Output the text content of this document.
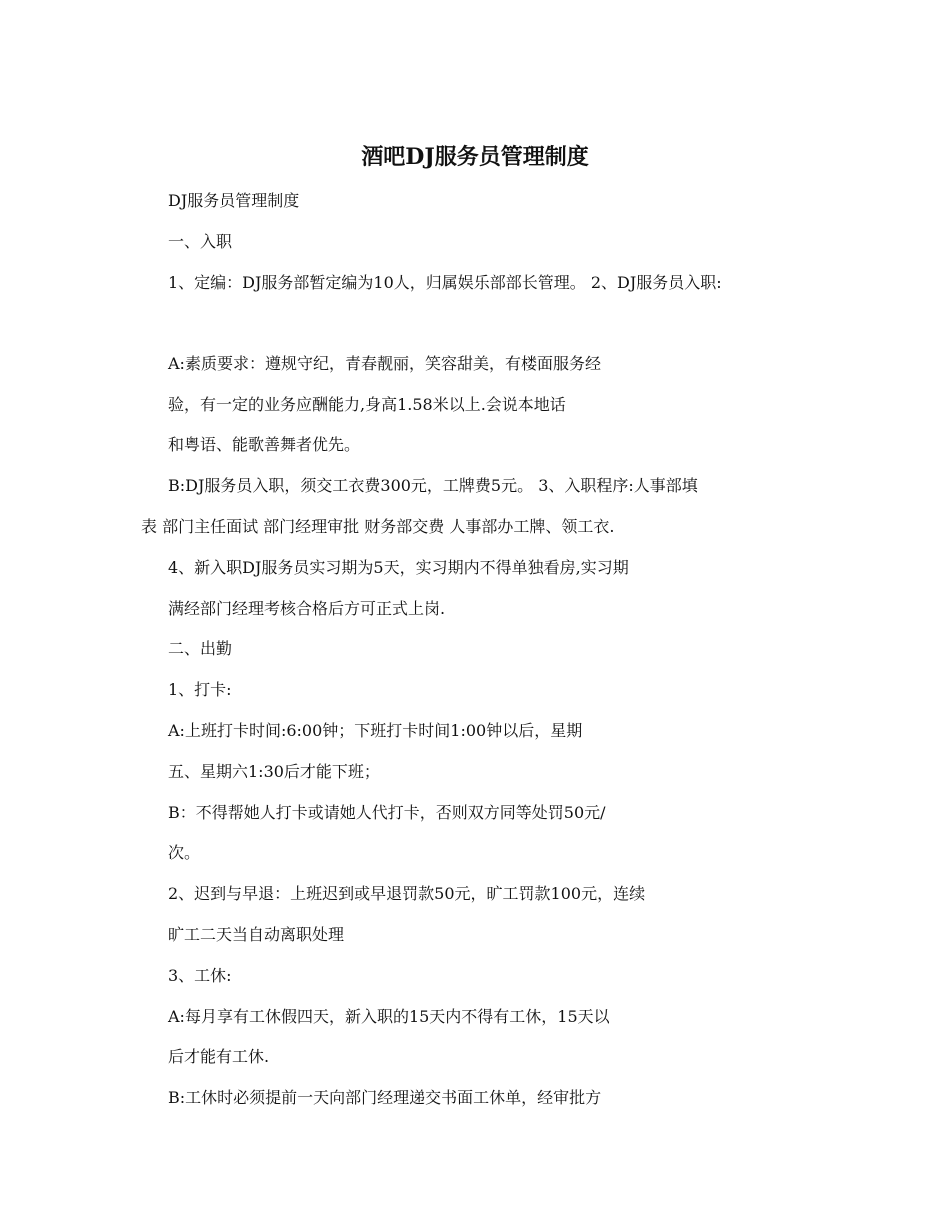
酒吧DJ服务员管理制度
DJ服务员管理制度
一、入职
1、定编：DJ服务部暂定编为10人，归属娱乐部部长管理。 2、DJ服务员入职:
A:素质要求：遵规守纪，青春靓丽，笑容甜美，有楼面服务经
验，有一定的业务应酬能力,身高1.58米以上.会说本地话
和粤语、能歌善舞者优先。
B:DJ服务员入职，须交工衣费300元，工牌费5元。 3、入职程序:人事部填
表 部门主任面试 部门经理审批 财务部交费 人事部办工牌、领工衣.
4、新入职DJ服务员实习期为5天，实习期内不得单独看房,实习期
满经部门经理考核合格后方可正式上岗.
二、出勤
1、打卡:
A:上班打卡时间:6:00钟；下班打卡时间1:00钟以后，星期
五、星期六1:30后才能下班；
B：不得帮她人打卡或请她人代打卡，否则双方同等处罚50元/
次。
2、迟到与早退：上班迟到或早退罚款50元，旷工罚款100元，连续
旷工二天当自动离职处理
3、工休:
A:每月享有工休假四天，新入职的15天内不得有工休，15天以
后才能有工休.
B:工休时必须提前一天向部门经理递交书面工休单，经审批方
